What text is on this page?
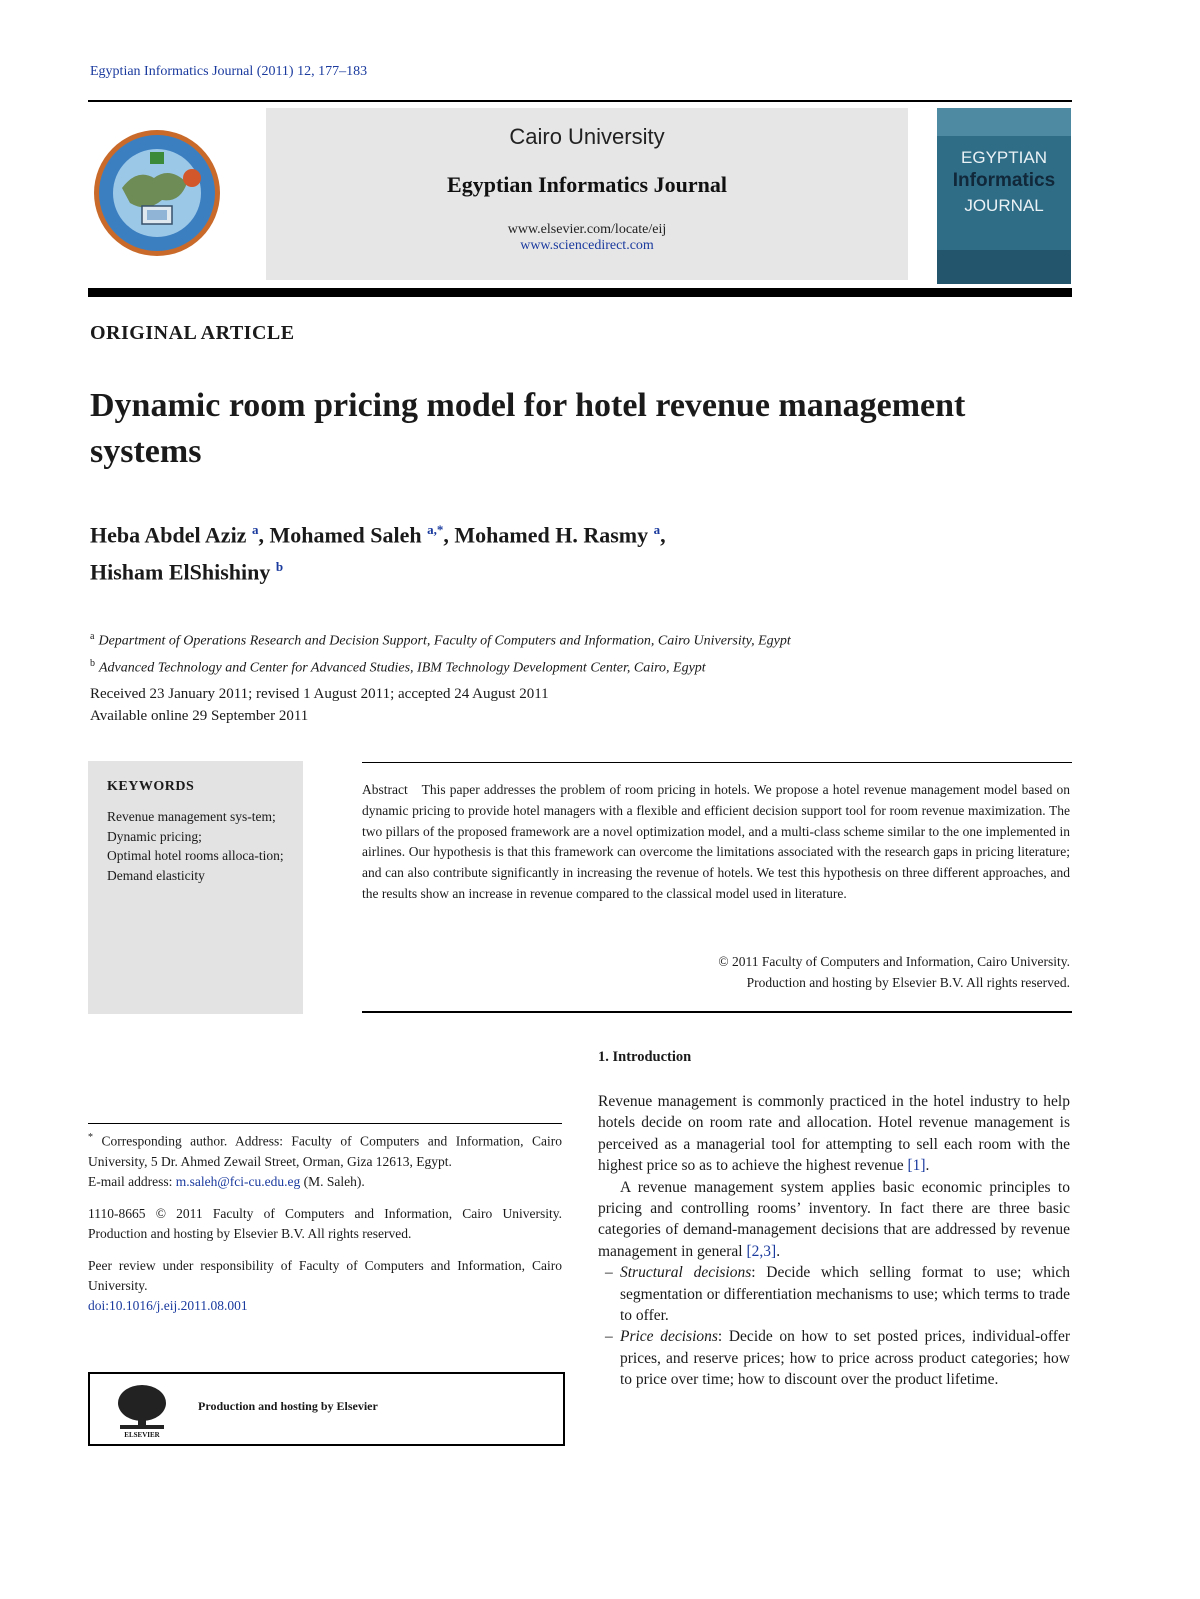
Egyptian Informatics Journal (2011) 12, 177–183
Cairo University
Egyptian Informatics Journal
www.elsevier.com/locate/eij
www.sciencedirect.com
EGYPTIAN
Informatics
JOURNAL
ORIGINAL ARTICLE
Dynamic room pricing model for hotel revenue management systems
Heba Abdel Aziz $^a$, Mohamed Saleh $^{a,*}$, Mohamed H. Rasmy $^a$,
Hisham ElShishiny $^b$
$^a$ Department of Operations Research and Decision Support, Faculty of Computers and Information, Cairo University, Egypt
$^b$ Advanced Technology and Center for Advanced Studies, IBM Technology Development Center, Cairo, Egypt
Received 23 January 2011; revised 1 August 2011; accepted 24 August 2011
Available online 29 September 2011
KEYWORDS
Revenue management sys-tem;
Dynamic pricing;
Optimal hotel rooms alloca-tion;
Demand elasticity
Abstract This paper addresses the problem of room pricing in hotels. We propose a hotel revenue management model based on dynamic pricing to provide hotel managers with a flexible and efficient decision support tool for room revenue maximization. The two pillars of the proposed framework are a novel optimization model, and a multi-class scheme similar to the one implemented in airlines. Our hypothesis is that this framework can overcome the limitations associated with the research gaps in pricing literature; and can also contribute significantly in increasing the revenue of hotels. We test this hypothesis on three different approaches, and the results show an increase in revenue compared to the classical model used in literature.
© 2011 Faculty of Computers and Information, Cairo University.
Production and hosting by Elsevier B.V. All rights reserved.
1. Introduction

Revenue management is commonly practiced in the hotel industry to help hotels decide on room rate and allocation. Hotel revenue management is perceived as a managerial tool for attempting to sell each room with the highest price so as to achieve the highest revenue [1].

A revenue management system applies basic economic principles to pricing and controlling rooms’ inventory. In fact there are three basic categories of demand-management decisions that are addressed by revenue management in general [2,3].

– Structural decisions: Decide which selling format to use; which segmentation or differentiation mechanisms to use; which terms to trade to offer.
– Price decisions: Decide on how to set posted prices, individual-offer prices, and reserve prices; how to price across product categories; how to price over time; how to discount over the product lifetime.

* Corresponding author. Address: Faculty of Computers and Information, Cairo University, 5 Dr. Ahmed Zewail Street, Orman, Giza 12613, Egypt.
E-mail address: m.saleh@fci-cu.edu.eg (M. Saleh).

1110-8665 © 2011 Faculty of Computers and Information, Cairo University. Production and hosting by Elsevier B.V. All rights reserved.

Peer review under responsibility of Faculty of Computers and Information, Cairo University.
doi:10.1016/j.eij.2011.08.001

ELSEVIER
Production and hosting by Elsevier
